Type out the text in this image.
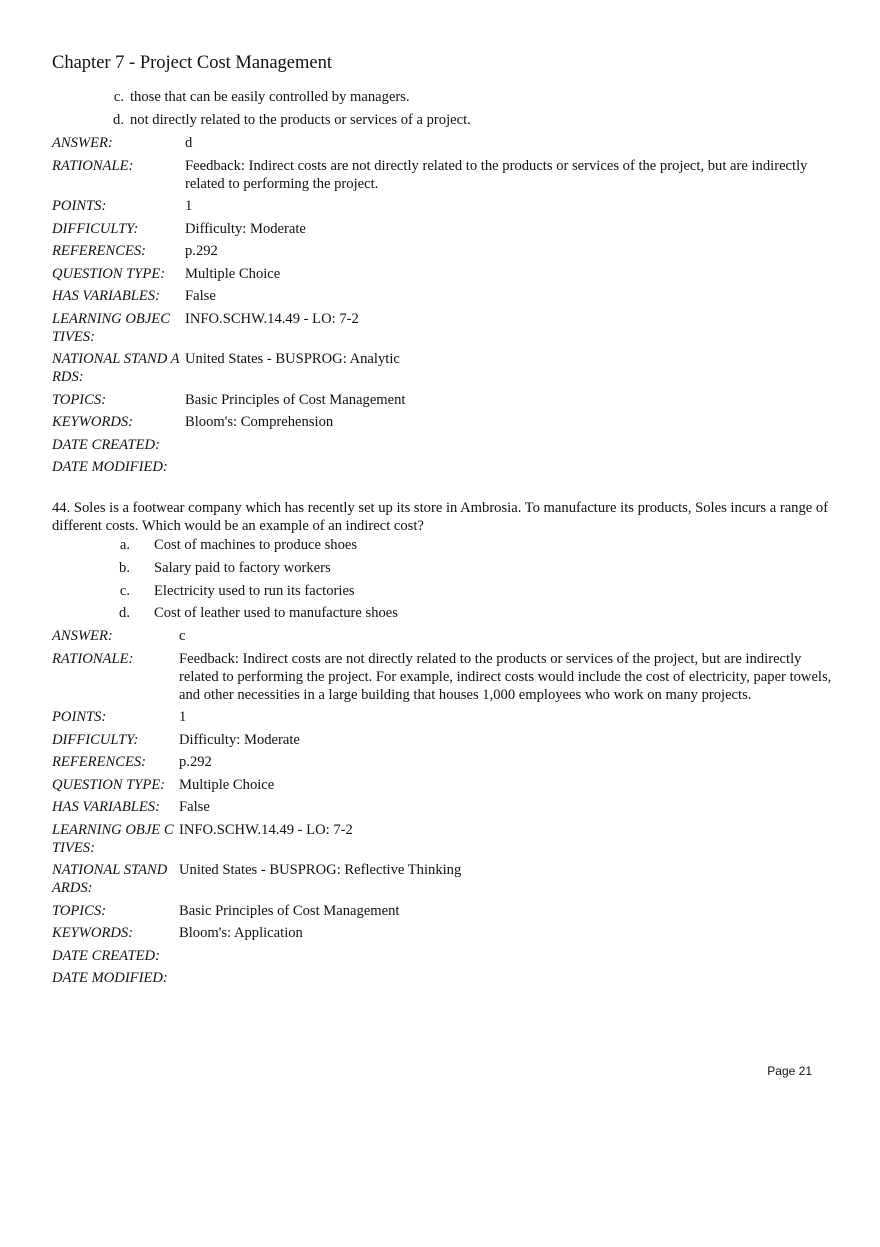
Chapter 7 - Project Cost Management
c. those that can be easily controlled by managers.
d. not directly related to the products or services of a project.
ANSWER:	d
RATIONALE:	Feedback: Indirect costs are not directly related to the products or services of the project, but are indirectly related to performing the project.
POINTS:	1
DIFFICULTY:	Difficulty: Moderate
REFERENCES:	p.292
QUESTION TYPE:	Multiple Choice
HAS VARIABLES:	False
LEARNING OBJEC TIVES:
INFO.SCHW.14.49 - LO: 7-2
NATIONAL STAND ARDS:
United States - BUSPROG: Analytic
TOPICS:	Basic Principles of Cost Management
KEYWORDS:	Bloom's: Comprehension
DATE CREATED:
DATE MODIFIED:
44. Soles is a footwear company which has recently set up its store in Ambrosia. To manufacture its products, Soles incurs a range of different costs. Which would be an example of an indirect cost?
a. Cost of machines to produce shoes
b. Salary paid to factory workers
c. Electricity used to run its factories
d. Cost of leather used to manufacture shoes
ANSWER:	c
RATIONALE:	Feedback: Indirect costs are not directly related to the products or services of the project, but are indirectly related to performing the project. For example, indirect costs would include the cost of electricity, paper towels, and other necessities in a large building that houses 1,000 employees who work on many projects.
POINTS:	1
DIFFICULTY:	Difficulty: Moderate
REFERENCES:	p.292
QUESTION TYPE: Multiple Choice
HAS VARIABLES:	False
LEARNING OBJE CTIVES:
INFO.SCHW.14.49 - LO: 7-2
NATIONAL STAND ARDS:
United States - BUSPROG: Reflective Thinking
TOPICS:	Basic Principles of Cost Management
KEYWORDS:	Bloom's: Application
DATE CREATED:
DATE MODIFIED:
Page 21
